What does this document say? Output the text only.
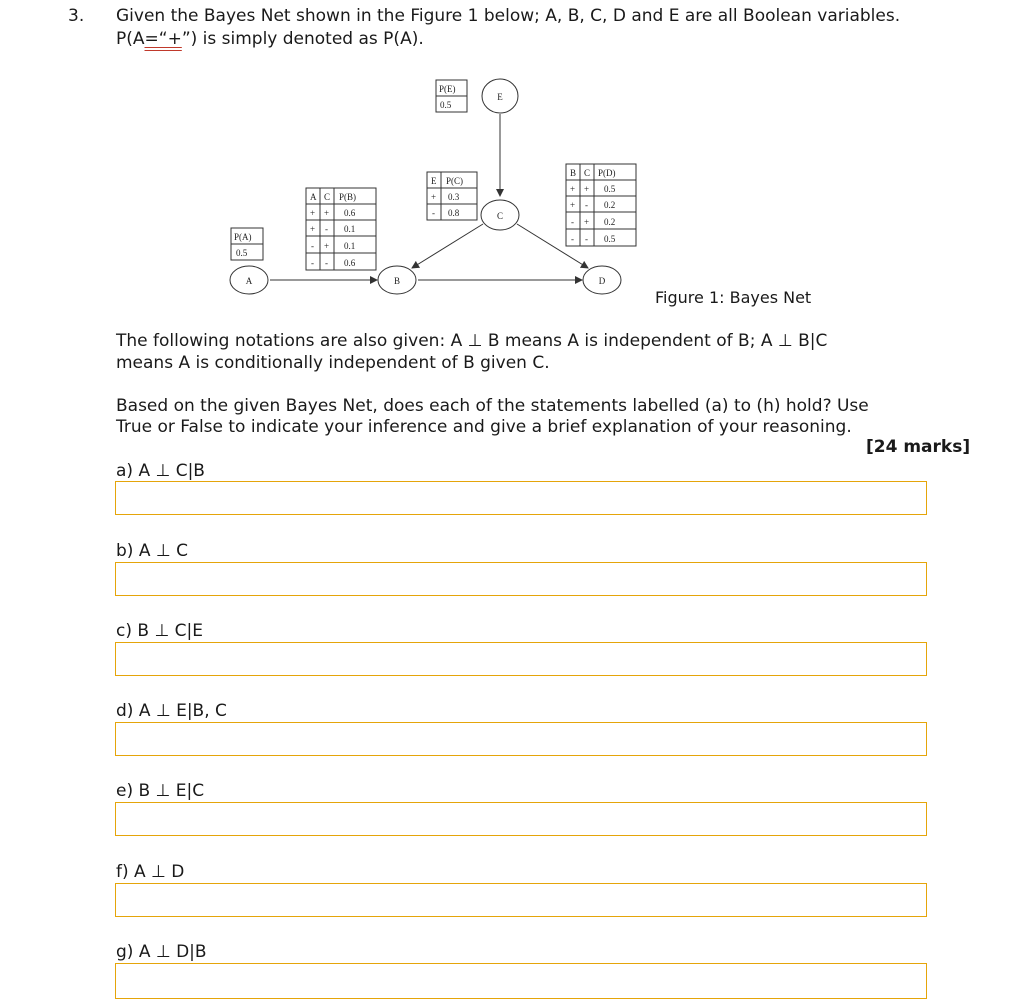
3. Given the Bayes Net shown in the Figure 1 below; A, B, C, D and E are all Boolean variables.
P(A=“+”) is simply denoted as P(A).
A	B
C
D
E
P(A)
0.5
P(E)
0.5
E P(C)
+ 0.3
- 0.8
A C P(B)
+ + 0.6
+ - 0.1
- + 0.1
- - 0.6
B C P(D)
+ + 0.5
+ - 0.2
- + 0.2
- - 0.5
Figure 1: Bayes Net
The following notations are also given: A ⊥ B means A is independent of B; A ⊥ B|C
means A is conditionally independent of B given C.
Based on the given Bayes Net, does each of the statements labelled (a) to (h) hold? Use
True or False to indicate your inference and give a brief explanation of your reasoning.
[24 marks]
a) A ⊥ C|B
b) A ⊥ C
c) B ⊥ C|E
d) A ⊥ E|B, C
e) B ⊥ E|C
f) A ⊥ D
g) A ⊥ D|B
